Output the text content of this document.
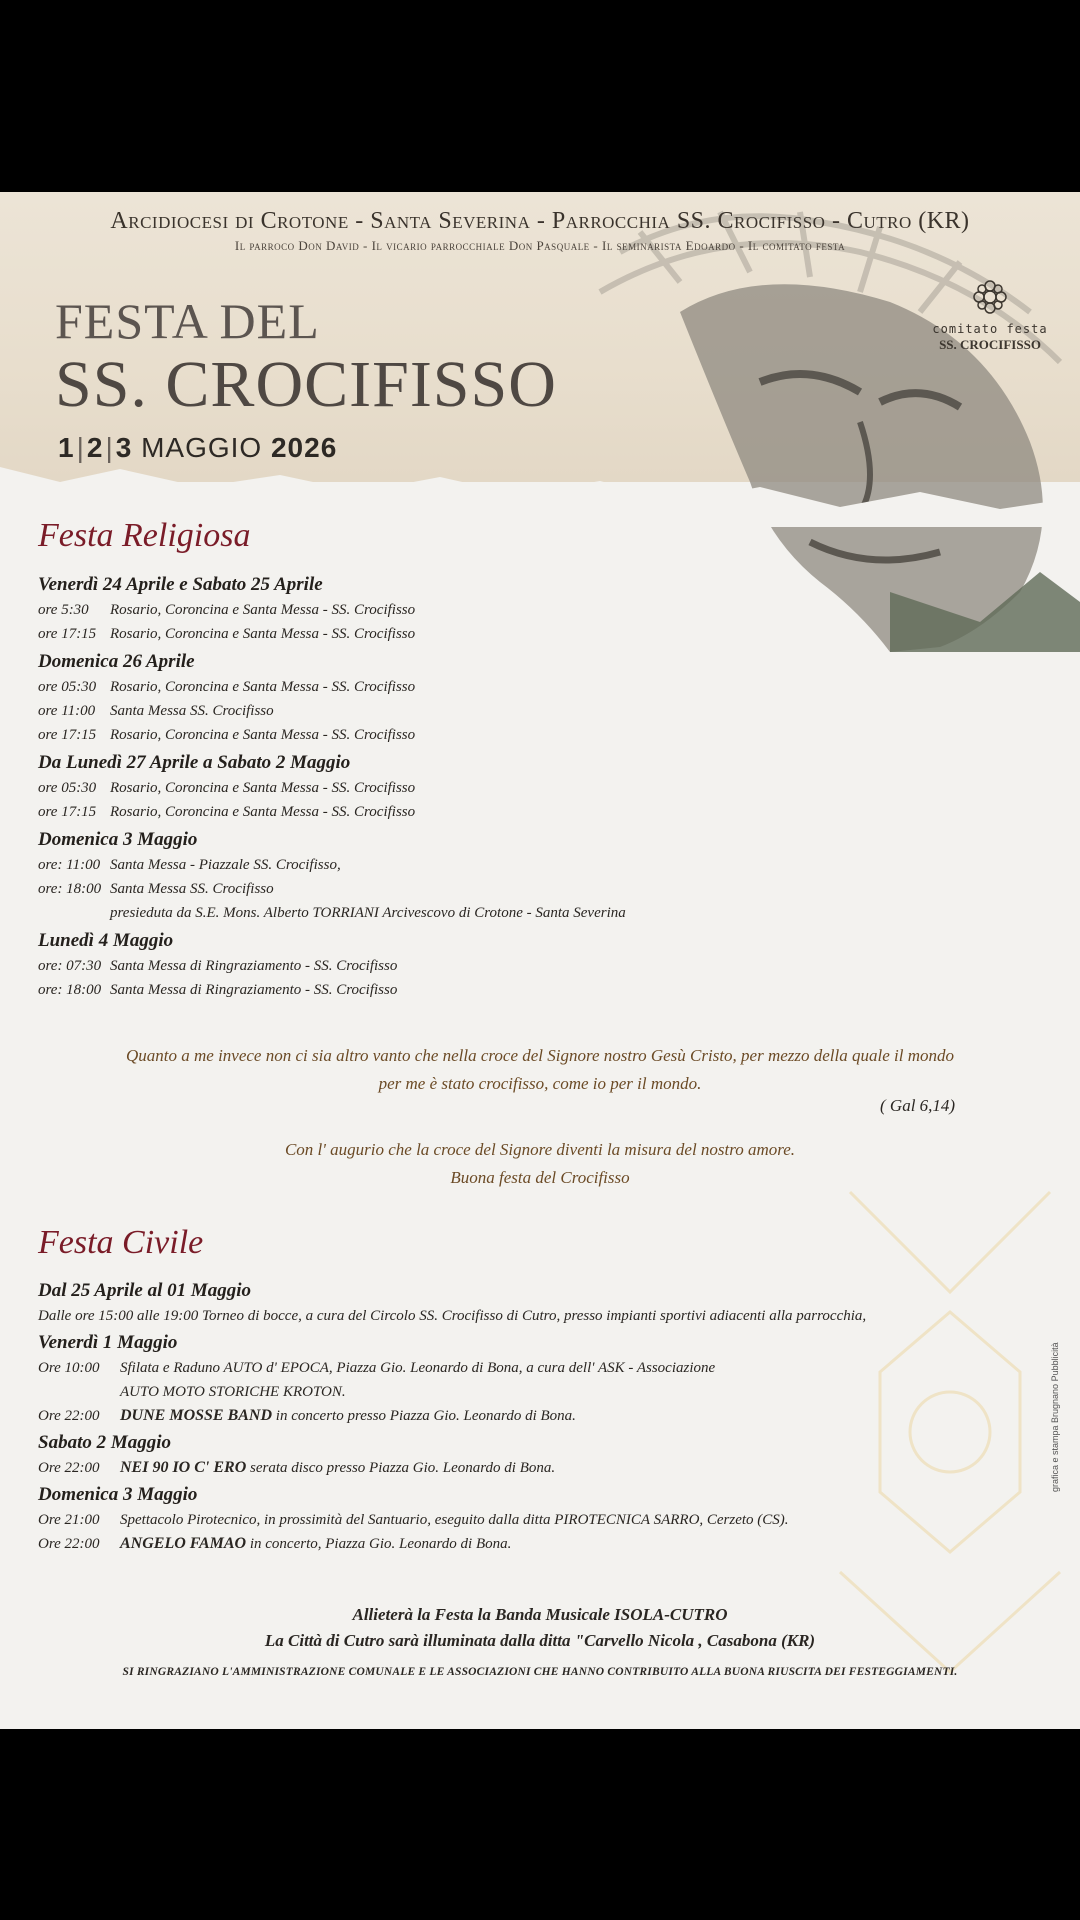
Arcidiocesi di Crotone - Santa Severina - Parrocchia SS. Crocifisso - Cutro (KR)
Il parroco Don David - Il vicario parrocchiale Don Pasquale - Il seminarista Edoardo - Il comitato festa
FESTA DEL
SS. CROCIFISSO
1|2|3 MAGGIO 2026
comitato festa
SS. CROCIFISSO
Festa Religiosa
Venerdì 24 Aprile e Sabato 25 Aprile
ore 5:30 Rosario, Coroncina e Santa Messa - SS. Crocifisso
ore 17:15 Rosario, Coroncina e Santa Messa - SS. Crocifisso
Domenica 26 Aprile
ore 05:30 Rosario, Coroncina e Santa Messa - SS. Crocifisso
ore 11:00 Santa Messa SS. Crocifisso
ore 17:15 Rosario, Coroncina e Santa Messa - SS. Crocifisso
Da Lunedì 27 Aprile a Sabato 2 Maggio
ore 05:30 Rosario, Coroncina e Santa Messa - SS. Crocifisso
ore 17:15 Rosario, Coroncina e Santa Messa - SS. Crocifisso
Domenica 3 Maggio
ore: 11:00 Santa Messa - Piazzale SS. Crocifisso,
ore: 18:00 Santa Messa SS. Crocifisso
presieduta da S.E. Mons. Alberto TORRIANI Arcivescovo di Crotone - Santa Severina
Lunedì 4 Maggio
ore: 07:30 Santa Messa di Ringraziamento - SS. Crocifisso
ore: 18:00 Santa Messa di Ringraziamento - SS. Crocifisso
Quanto a me invece non ci sia altro vanto che nella croce del Signore nostro Gesù Cristo, per mezzo della quale il mondo
per me è stato crocifisso, come io per il mondo.
( Gal 6,14)
Con l' augurio che la croce del Signore diventi la misura del nostro amore.
Buona festa del Crocifisso
Festa Civile
Dal 25 Aprile al 01 Maggio
Dalle ore 15:00 alle 19:00 Torneo di bocce, a cura del Circolo SS. Crocifisso di Cutro, presso impianti sportivi adiacenti alla parrocchia,
Venerdì 1 Maggio
Ore 10:00 Sfilata e Raduno AUTO d' EPOCA, Piazza Gio. Leonardo di Bona, a cura dell' ASK - Associazione
AUTO MOTO STORICHE KROTON.
Ore 22:00 DUNE MOSSE BAND in concerto presso Piazza Gio. Leonardo di Bona.
Sabato 2 Maggio
Ore 22:00 NEI 90 IO C' ERO serata disco presso Piazza Gio. Leonardo di Bona.
Domenica 3 Maggio
Ore 21:00 Spettacolo Pirotecnico, in prossimità del Santuario, eseguito dalla ditta PIROTECNICA SARRO, Cerzeto (CS).
Ore 22:00 ANGELO FAMAO in concerto, Piazza Gio. Leonardo di Bona.
Allieterà la Festa la Banda Musicale ISOLA-CUTRO
La Città di Cutro sarà illuminata dalla ditta "Carvello Nicola , Casabona (KR)
SI RINGRAZIANO L'AMMINISTRAZIONE COMUNALE E LE ASSOCIAZIONI CHE HANNO CONTRIBUITO ALLA BUONA RIUSCITA DEI FESTEGGIAMENTI.
grafica e stampa Brugnano Pubblicità
